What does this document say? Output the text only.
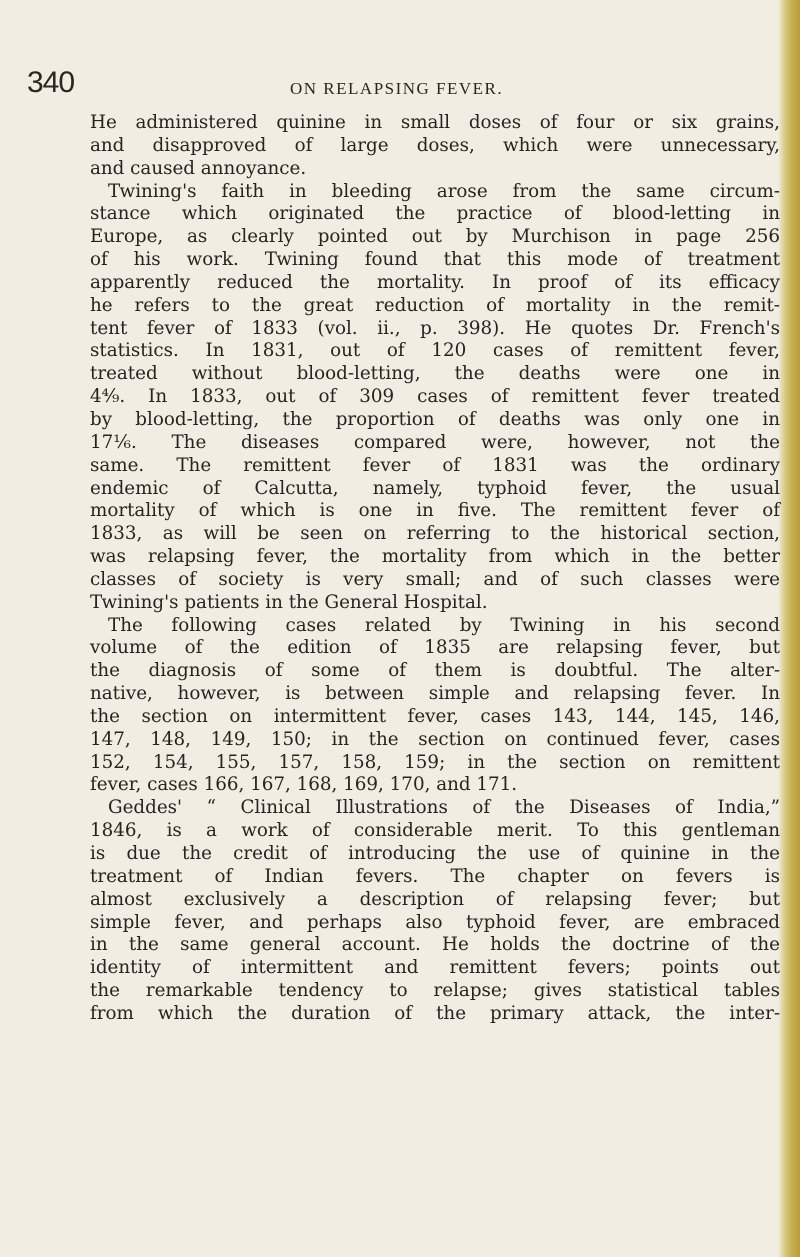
340	ON RELAPSING FEVER.
He administered quinine in small doses of four or six grains,
and disapproved of large doses, which were unnecessary,
and caused annoyance.
Twining's faith in bleeding arose from the same circum-
stance which originated the practice of blood-letting in
Europe, as clearly pointed out by Murchison in page 256
of his work. Twining found that this mode of treatment
apparently reduced the mortality. In proof of its efficacy
he refers to the great reduction of mortality in the remit-
tent fever of 1833 (vol. ii., p. 398). He quotes Dr. French's
statistics. In 1831, out of 120 cases of remittent fever,
treated without blood-letting, the deaths were one in
4⁴⁄₉. In 1833, out of 309 cases of remittent fever treated
by blood-letting, the proportion of deaths was only one in
17¹⁄₆. The diseases compared were, however, not the
same. The remittent fever of 1831 was the ordinary
endemic of Calcutta, namely, typhoid fever, the usual
mortality of which is one in five. The remittent fever of
1833, as will be seen on referring to the historical section,
was relapsing fever, the mortality from which in the better
classes of society is very small; and of such classes were
Twining's patients in the General Hospital.
The following cases related by Twining in his second
volume of the edition of 1835 are relapsing fever, but
the diagnosis of some of them is doubtful. The alter-
native, however, is between simple and relapsing fever. In
the section on intermittent fever, cases 143, 144, 145, 146,
147, 148, 149, 150; in the section on continued fever, cases
152, 154, 155, 157, 158, 159; in the section on remittent
fever, cases 166, 167, 168, 169, 170, and 171.
Geddes' “ Clinical Illustrations of the Diseases of India,”
1846, is a work of considerable merit. To this gentleman
is due the credit of introducing the use of quinine in the
treatment of Indian fevers. The chapter on fevers is
almost exclusively a description of relapsing fever; but
simple fever, and perhaps also typhoid fever, are embraced
in the same general account. He holds the doctrine of the
identity of intermittent and remittent fevers; points out
the remarkable tendency to relapse; gives statistical tables
from which the duration of the primary attack, the inter-
